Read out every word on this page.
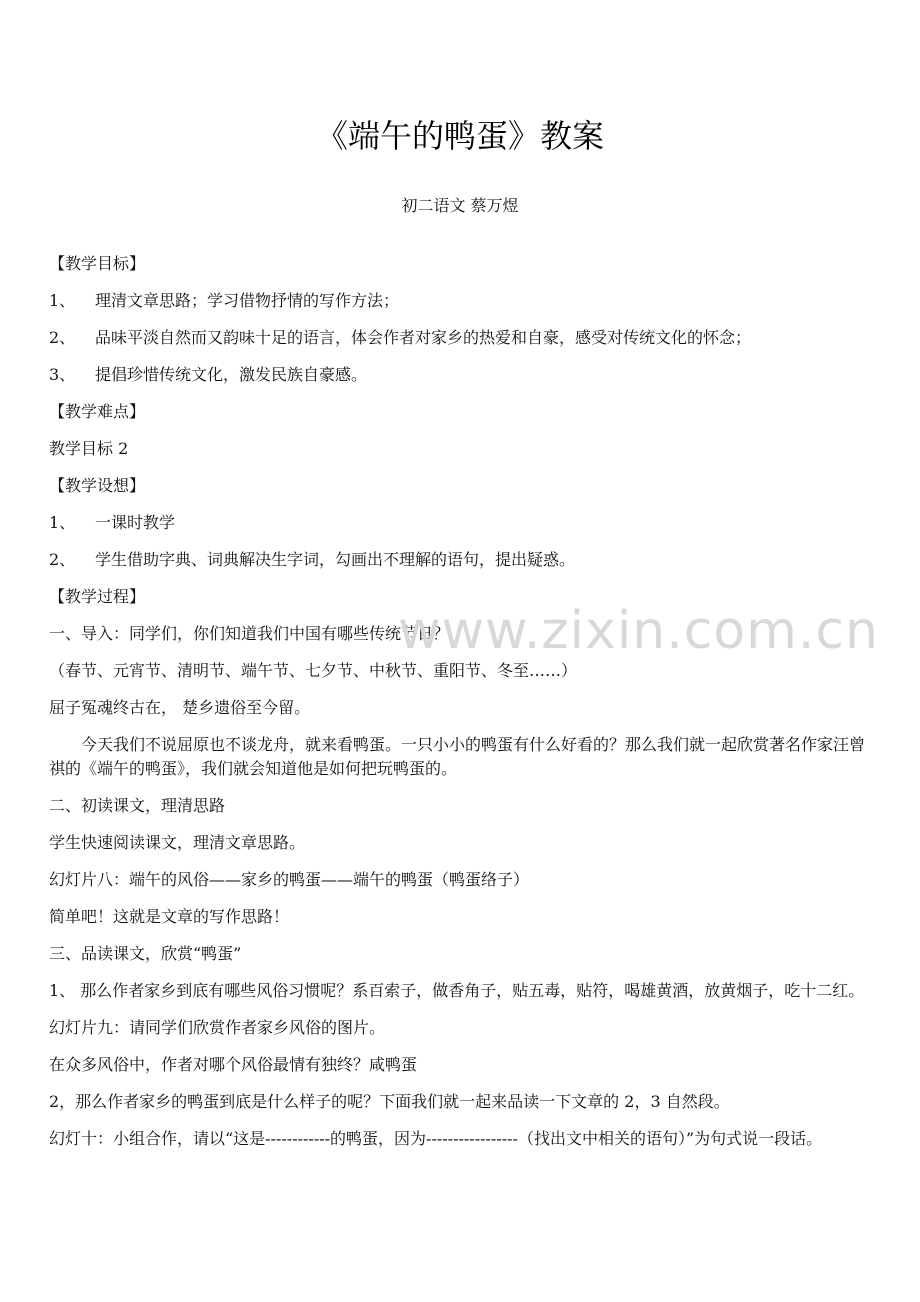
《端午的鸭蛋》教案
初二语文 蔡万煜
【教学目标】
1、 理清文章思路；学习借物抒情的写作方法；
2、 品味平淡自然而又韵味十足的语言，体会作者对家乡的热爱和自豪，感受对传统文化的怀念；
3、 提倡珍惜传统文化，激发民族自豪感。
【教学难点】
教学目标 2
【教学设想】
1、 一课时教学
2、 学生借助字典、词典解决生字词，勾画出不理解的语句，提出疑惑。
【教学过程】
一、导入：同学们，你们知道我们中国有哪些传统节日？
（春节、元宵节、清明节、端午节、七夕节、中秋节、重阳节、冬至……）
屈子冤魂终古在， 楚乡遗俗至今留。
今天我们不说屈原也不谈龙舟，就来看鸭蛋。一只小小的鸭蛋有什么好看的？那么我们就一起欣赏著名作家汪曾祺的《端午的鸭蛋》，我们就会知道他是如何把玩鸭蛋的。
二、初读课文，理清思路
学生快速阅读课文，理清文章思路。
幻灯片八：端午的风俗——家乡的鸭蛋——端午的鸭蛋（鸭蛋络子）
简单吧！这就是文章的写作思路！
三、品读课文，欣赏“鸭蛋”
1、 那么作者家乡到底有哪些风俗习惯呢？系百索子，做香角子，贴五毒，贴符，喝雄黄酒，放黄烟子，吃十二红。
幻灯片九：请同学们欣赏作者家乡风俗的图片。
在众多风俗中，作者对哪个风俗最情有独终？咸鸭蛋
2，那么作者家乡的鸭蛋到底是什么样子的呢？下面我们就一起来品读一下文章的 2，3 自然段。
幻灯十：小组合作，请以“这是------------的鸭蛋，因为-----------------（找出文中相关的语句）”为句式说一段话。
www.zixin.com.cn
